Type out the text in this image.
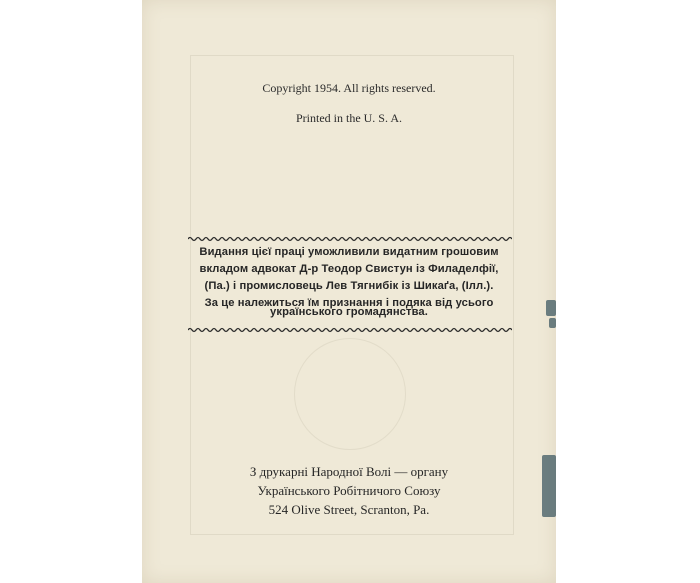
Copyright 1954. All rights reserved.
Printed in the U. S. A.
Видання цієї праці уможливили видатним грошовим
вкладом адвокат Д-р Теодор Свистун із Филаделфії,
(Па.) і промисловець Лев Тягнибік із Шикаґа, (Ілл.).
За це належиться їм признання і подяка від усього
українського громадянства.
З друкарні Народної Волі — органу
Українського Робітничого Союзу
524 Olive Street, Scranton, Pa.
